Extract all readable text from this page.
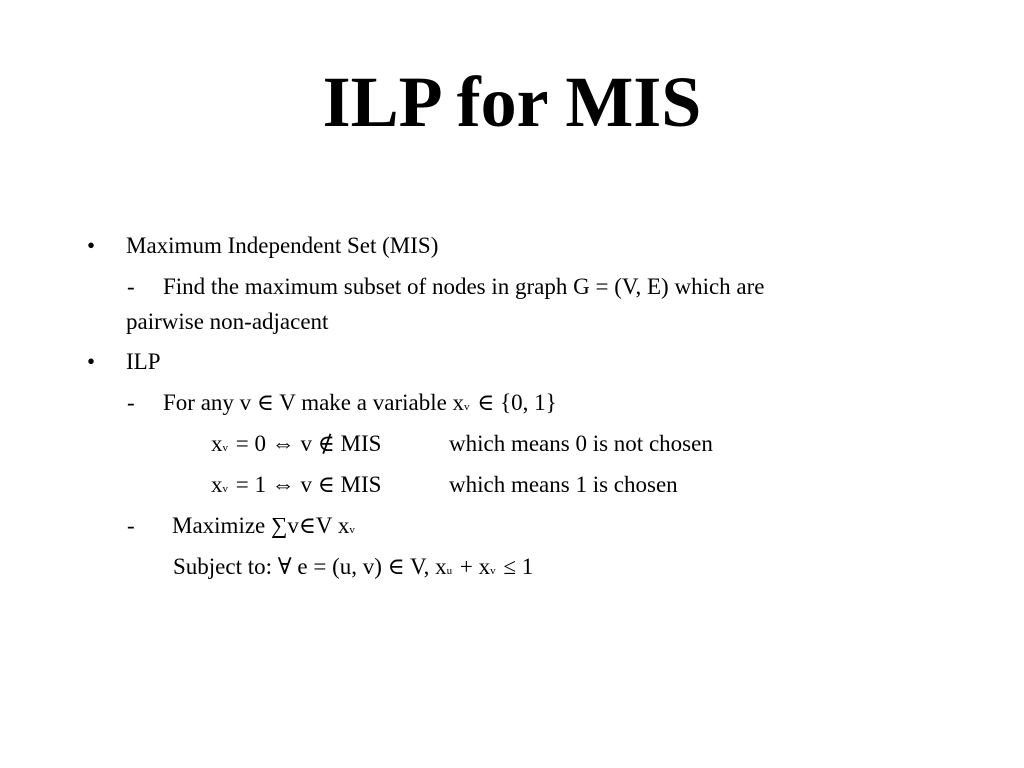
ILP for MIS
• Maximum Independent Set (MIS)
- Find the maximum subset of nodes in graph G = (V, E) which are
pairwise non-adjacent
• ILP
- For any v ∈ V make a variable xv ∈ {0, 1}
xv = 0 ⇔ v ∉ MIS	which means 0 is not chosen
xv = 1 ⇔ v ∈ MIS	which means 1 is chosen
- Maximize ∑v∈V xv
Subject to: ∀ e = (u, v) ∈ V, xu + xv ≤ 1
